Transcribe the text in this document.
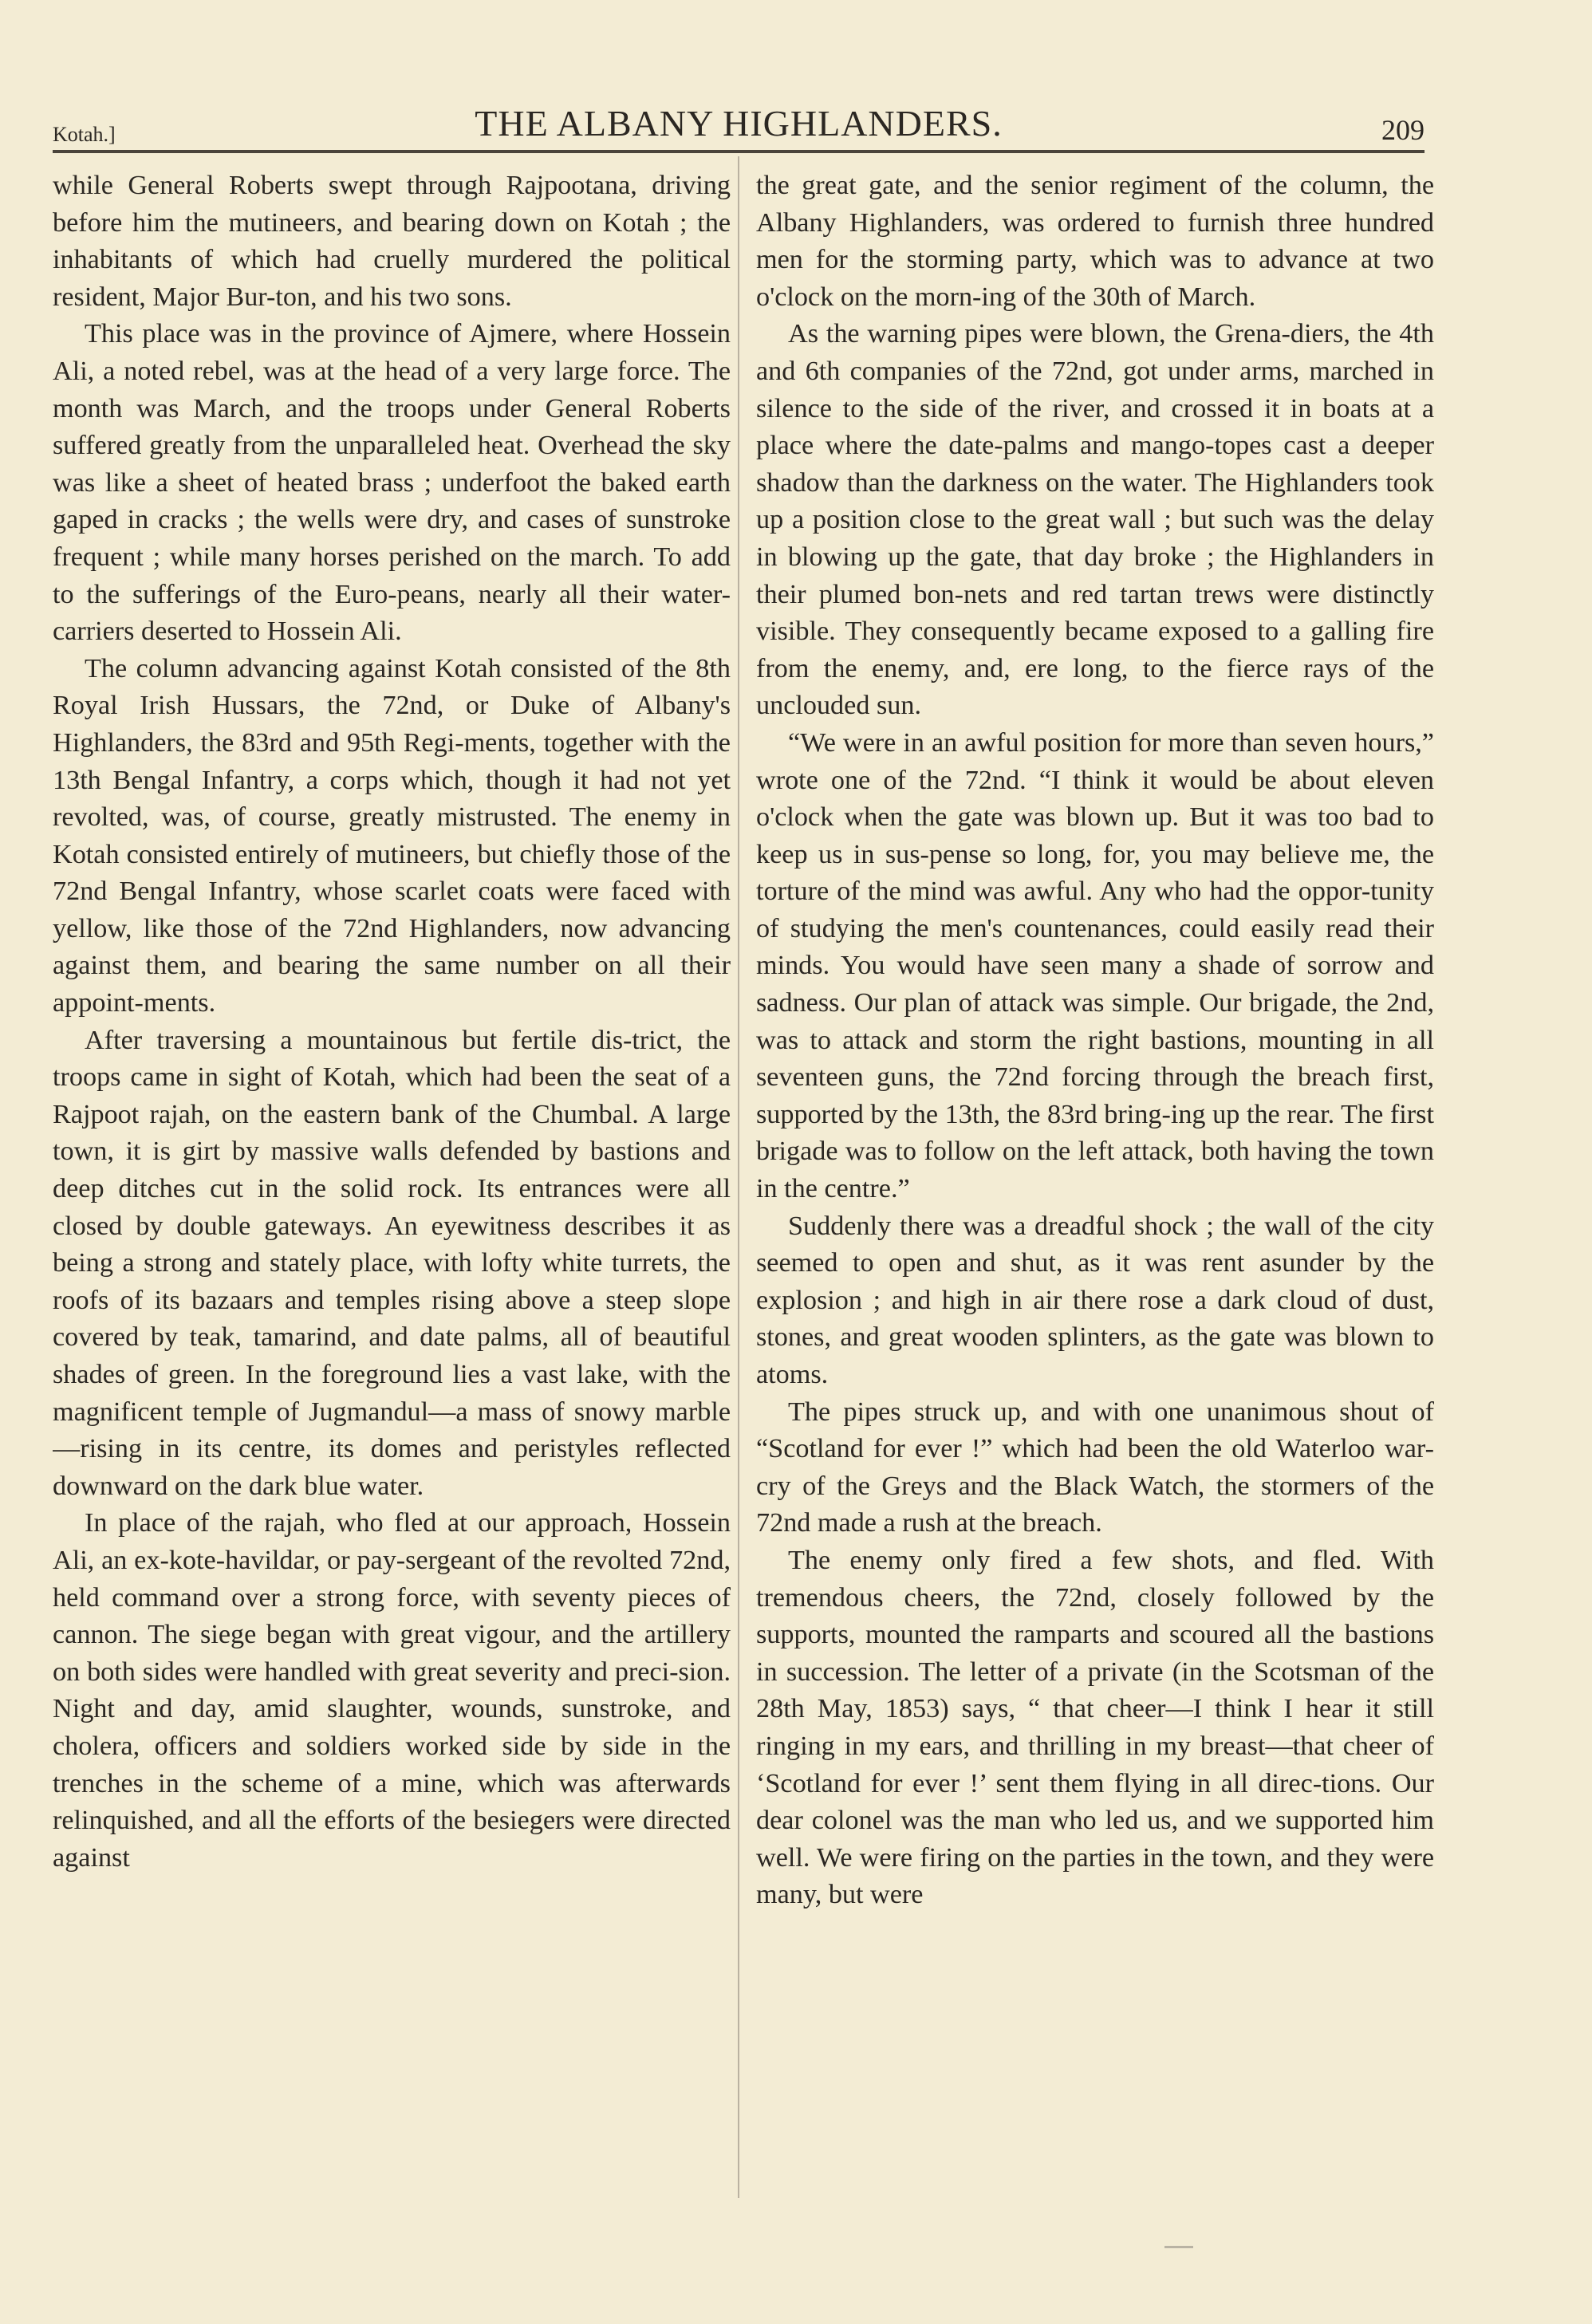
Kotah.]	THE ALBANY HIGHLANDERS.	209

while General Roberts swept through Rajpootana, driving before him the mutineers, and bearing down on Kotah ; the inhabitants of which had cruelly murdered the political resident, Major Bur-ton, and his two sons.

This place was in the province of Ajmere, where Hossein Ali, a noted rebel, was at the head of a very large force. The month was March, and the troops under General Roberts suffered greatly from the unparalleled heat. Overhead the sky was like a sheet of heated brass ; underfoot the baked earth gaped in cracks ; the wells were dry, and cases of sunstroke frequent ; while many horses perished on the march. To add to the sufferings of the Euro-peans, nearly all their water-carriers deserted to Hossein Ali.

The column advancing against Kotah consisted of the 8th Royal Irish Hussars, the 72nd, or Duke of Albany's Highlanders, the 83rd and 95th Regi-ments, together with the 13th Bengal Infantry, a corps which, though it had not yet revolted, was, of course, greatly mistrusted. The enemy in Kotah consisted entirely of mutineers, but chiefly those of the 72nd Bengal Infantry, whose scarlet coats were faced with yellow, like those of the 72nd Highlanders, now advancing against them, and bearing the same number on all their appoint-ments.

After traversing a mountainous but fertile dis-trict, the troops came in sight of Kotah, which had been the seat of a Rajpoot rajah, on the eastern bank of the Chumbal. A large town, it is girt by massive walls defended by bastions and deep ditches cut in the solid rock. Its entrances were all closed by double gateways. An eyewitness describes it as being a strong and stately place, with lofty white turrets, the roofs of its bazaars and temples rising above a steep slope covered by teak, tamarind, and date palms, all of beautiful shades of green. In the foreground lies a vast lake, with the magnificent temple of Jugmandul—a mass of snowy marble—rising in its centre, its domes and peristyles reflected downward on the dark blue water.

In place of the rajah, who fled at our approach, Hossein Ali, an ex-kote-havildar, or pay-sergeant of the revolted 72nd, held command over a strong force, with seventy pieces of cannon. The siege began with great vigour, and the artillery on both sides were handled with great severity and preci-sion. Night and day, amid slaughter, wounds, sunstroke, and cholera, officers and soldiers worked side by side in the trenches in the scheme of a mine, which was afterwards relinquished, and all the efforts of the besiegers were directed against

the great gate, and the senior regiment of the column, the Albany Highlanders, was ordered to furnish three hundred men for the storming party, which was to advance at two o'clock on the morn-ing of the 30th of March.

As the warning pipes were blown, the Grena-diers, the 4th and 6th companies of the 72nd, got under arms, marched in silence to the side of the river, and crossed it in boats at a place where the date-palms and mango-topes cast a deeper shadow than the darkness on the water. The Highlanders took up a position close to the great wall ; but such was the delay in blowing up the gate, that day broke ; the Highlanders in their plumed bon-nets and red tartan trews were distinctly visible. They consequently became exposed to a galling fire from the enemy, and, ere long, to the fierce rays of the unclouded sun.

“We were in an awful position for more than seven hours,” wrote one of the 72nd. “I think it would be about eleven o'clock when the gate was blown up. But it was too bad to keep us in sus-pense so long, for, you may believe me, the torture of the mind was awful. Any who had the oppor-tunity of studying the men's countenances, could easily read their minds. You would have seen many a shade of sorrow and sadness. Our plan of attack was simple. Our brigade, the 2nd, was to attack and storm the right bastions, mounting in all seventeen guns, the 72nd forcing through the breach first, supported by the 13th, the 83rd bring-ing up the rear. The first brigade was to follow on the left attack, both having the town in the centre.”

Suddenly there was a dreadful shock ; the wall of the city seemed to open and shut, as it was rent asunder by the explosion ; and high in air there rose a dark cloud of dust, stones, and great wooden splinters, as the gate was blown to atoms.

The pipes struck up, and with one unanimous shout of “Scotland for ever !” which had been the old Waterloo war-cry of the Greys and the Black Watch, the stormers of the 72nd made a rush at the breach.

The enemy only fired a few shots, and fled. With tremendous cheers, the 72nd, closely followed by the supports, mounted the ramparts and scoured all the bastions in succession. The letter of a private (in the Scotsman of the 28th May, 1853) says, “ that cheer—I think I hear it still ringing in my ears, and thrilling in my breast—that cheer of ‘Scotland for ever !’ sent them flying in all direc-tions. Our dear colonel was the man who led us, and we supported him well. We were firing on the parties in the town, and they were many, but were
